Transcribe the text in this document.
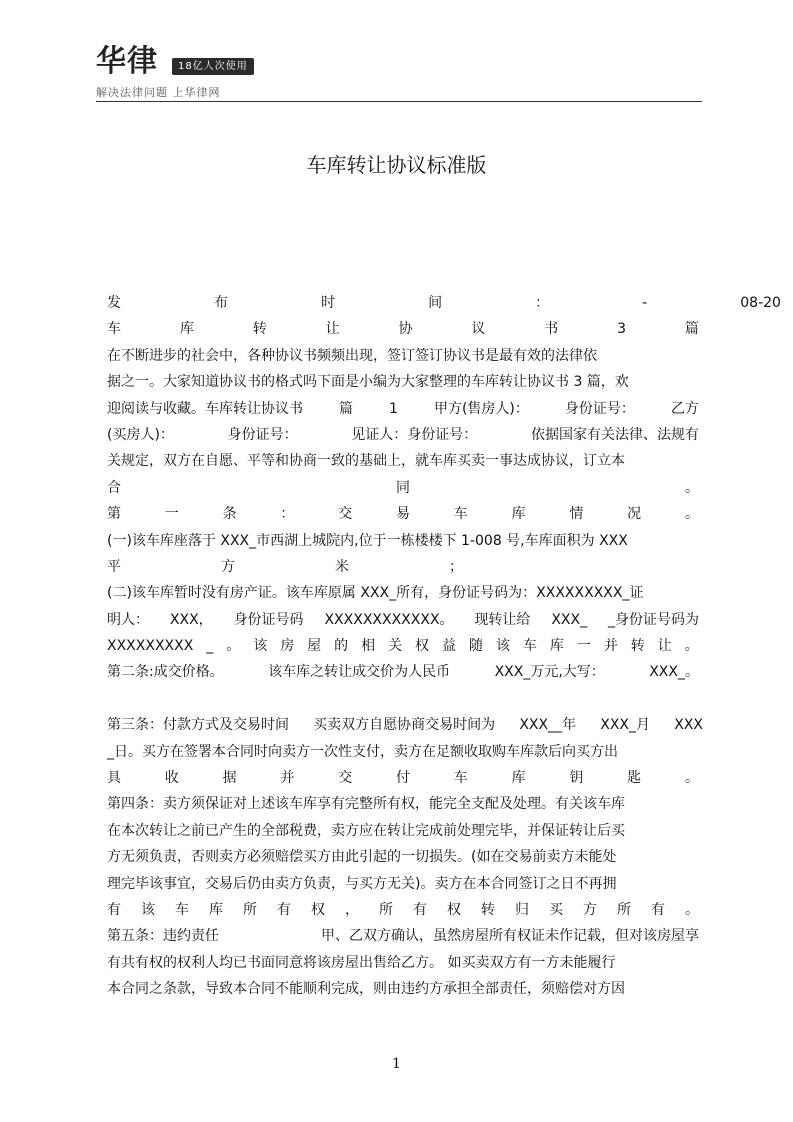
华律	18亿人次使用
解决法律问题 上华律网
车库转让协议标准版
发	布	时	间	：	-	08-20
车	库	转	让	协	议	书	3	篇
在不断进步的社会中，各种协议书频频出现，签订签订协议书是最有效的法律依
据之一。大家知道协议书的格式吗下面是小编为大家整理的车库转让协议书 3 篇，欢
迎阅读与收藏。车库转让协议书	篇	1	甲方(售房人)：	身份证号：	乙方
(买房人)：	身份证号：	见证人：身份证号：	依据国家有关法律、法规有
关规定，双方在自愿、平等和协商一致的基础上，就车库买卖一事达成协议，订立本
合	同	。
第	一	条	：	交	易	车	库	情	况	。
(一)该车库座落于 XXX_市西湖上城院内,位于一栋楼楼下 1-008 号,车库面积为 XXX
平	方	米	；
(二)该车库暂时没有房产证。该车库原属 XXX_所有，身份证号码为：XXXXXXXXX_证
明人： XXX， 身份证号码 XXXXXXXXXXXX。 现转让给 XXX_ _身份证号码为
XXXXXXXXX _ 。 该 房 屋 的 相 关 权 益 随 该 车 库 一 并 转 让 。
第二条:成交价格。	该车库之转让成交价为人民币	XXX_万元,大写：	XXX_。
第三条：付款方式及交易时间 买卖双方自愿协商交易时间为 XXX__年 XXX_月 XXX
_日。买方在签署本合同时向卖方一次性支付，卖方在足额收取购车库款后向买方出
具	收	据	并	交	付	车	库	钥	匙	。
第四条：卖方须保证对上述该车库享有完整所有权，能完全支配及处理。有关该车库
在本次转让之前已产生的全部税费，卖方应在转让完成前处理完毕，并保证转让后买
方无须负责，否则卖方必须赔偿买方由此引起的一切损失。(如在交易前卖方未能处
理完毕该事宜，交易后仍由卖方负责，与买方无关)。卖方在本合同签订之日不再拥
有 该 车 库 所 有 权 ， 所 有 权 转 归 买 方 所 有 。
第五条：违约责任	甲、乙双方确认，虽然房屋所有权证未作记载，但对该房屋享
有共有权的权利人均已书面同意将该房屋出售给乙方。 如买卖双方有一方未能履行
本合同之条款，导致本合同不能顺利完成，则由违约方承担全部责任，须赔偿对方因
1
